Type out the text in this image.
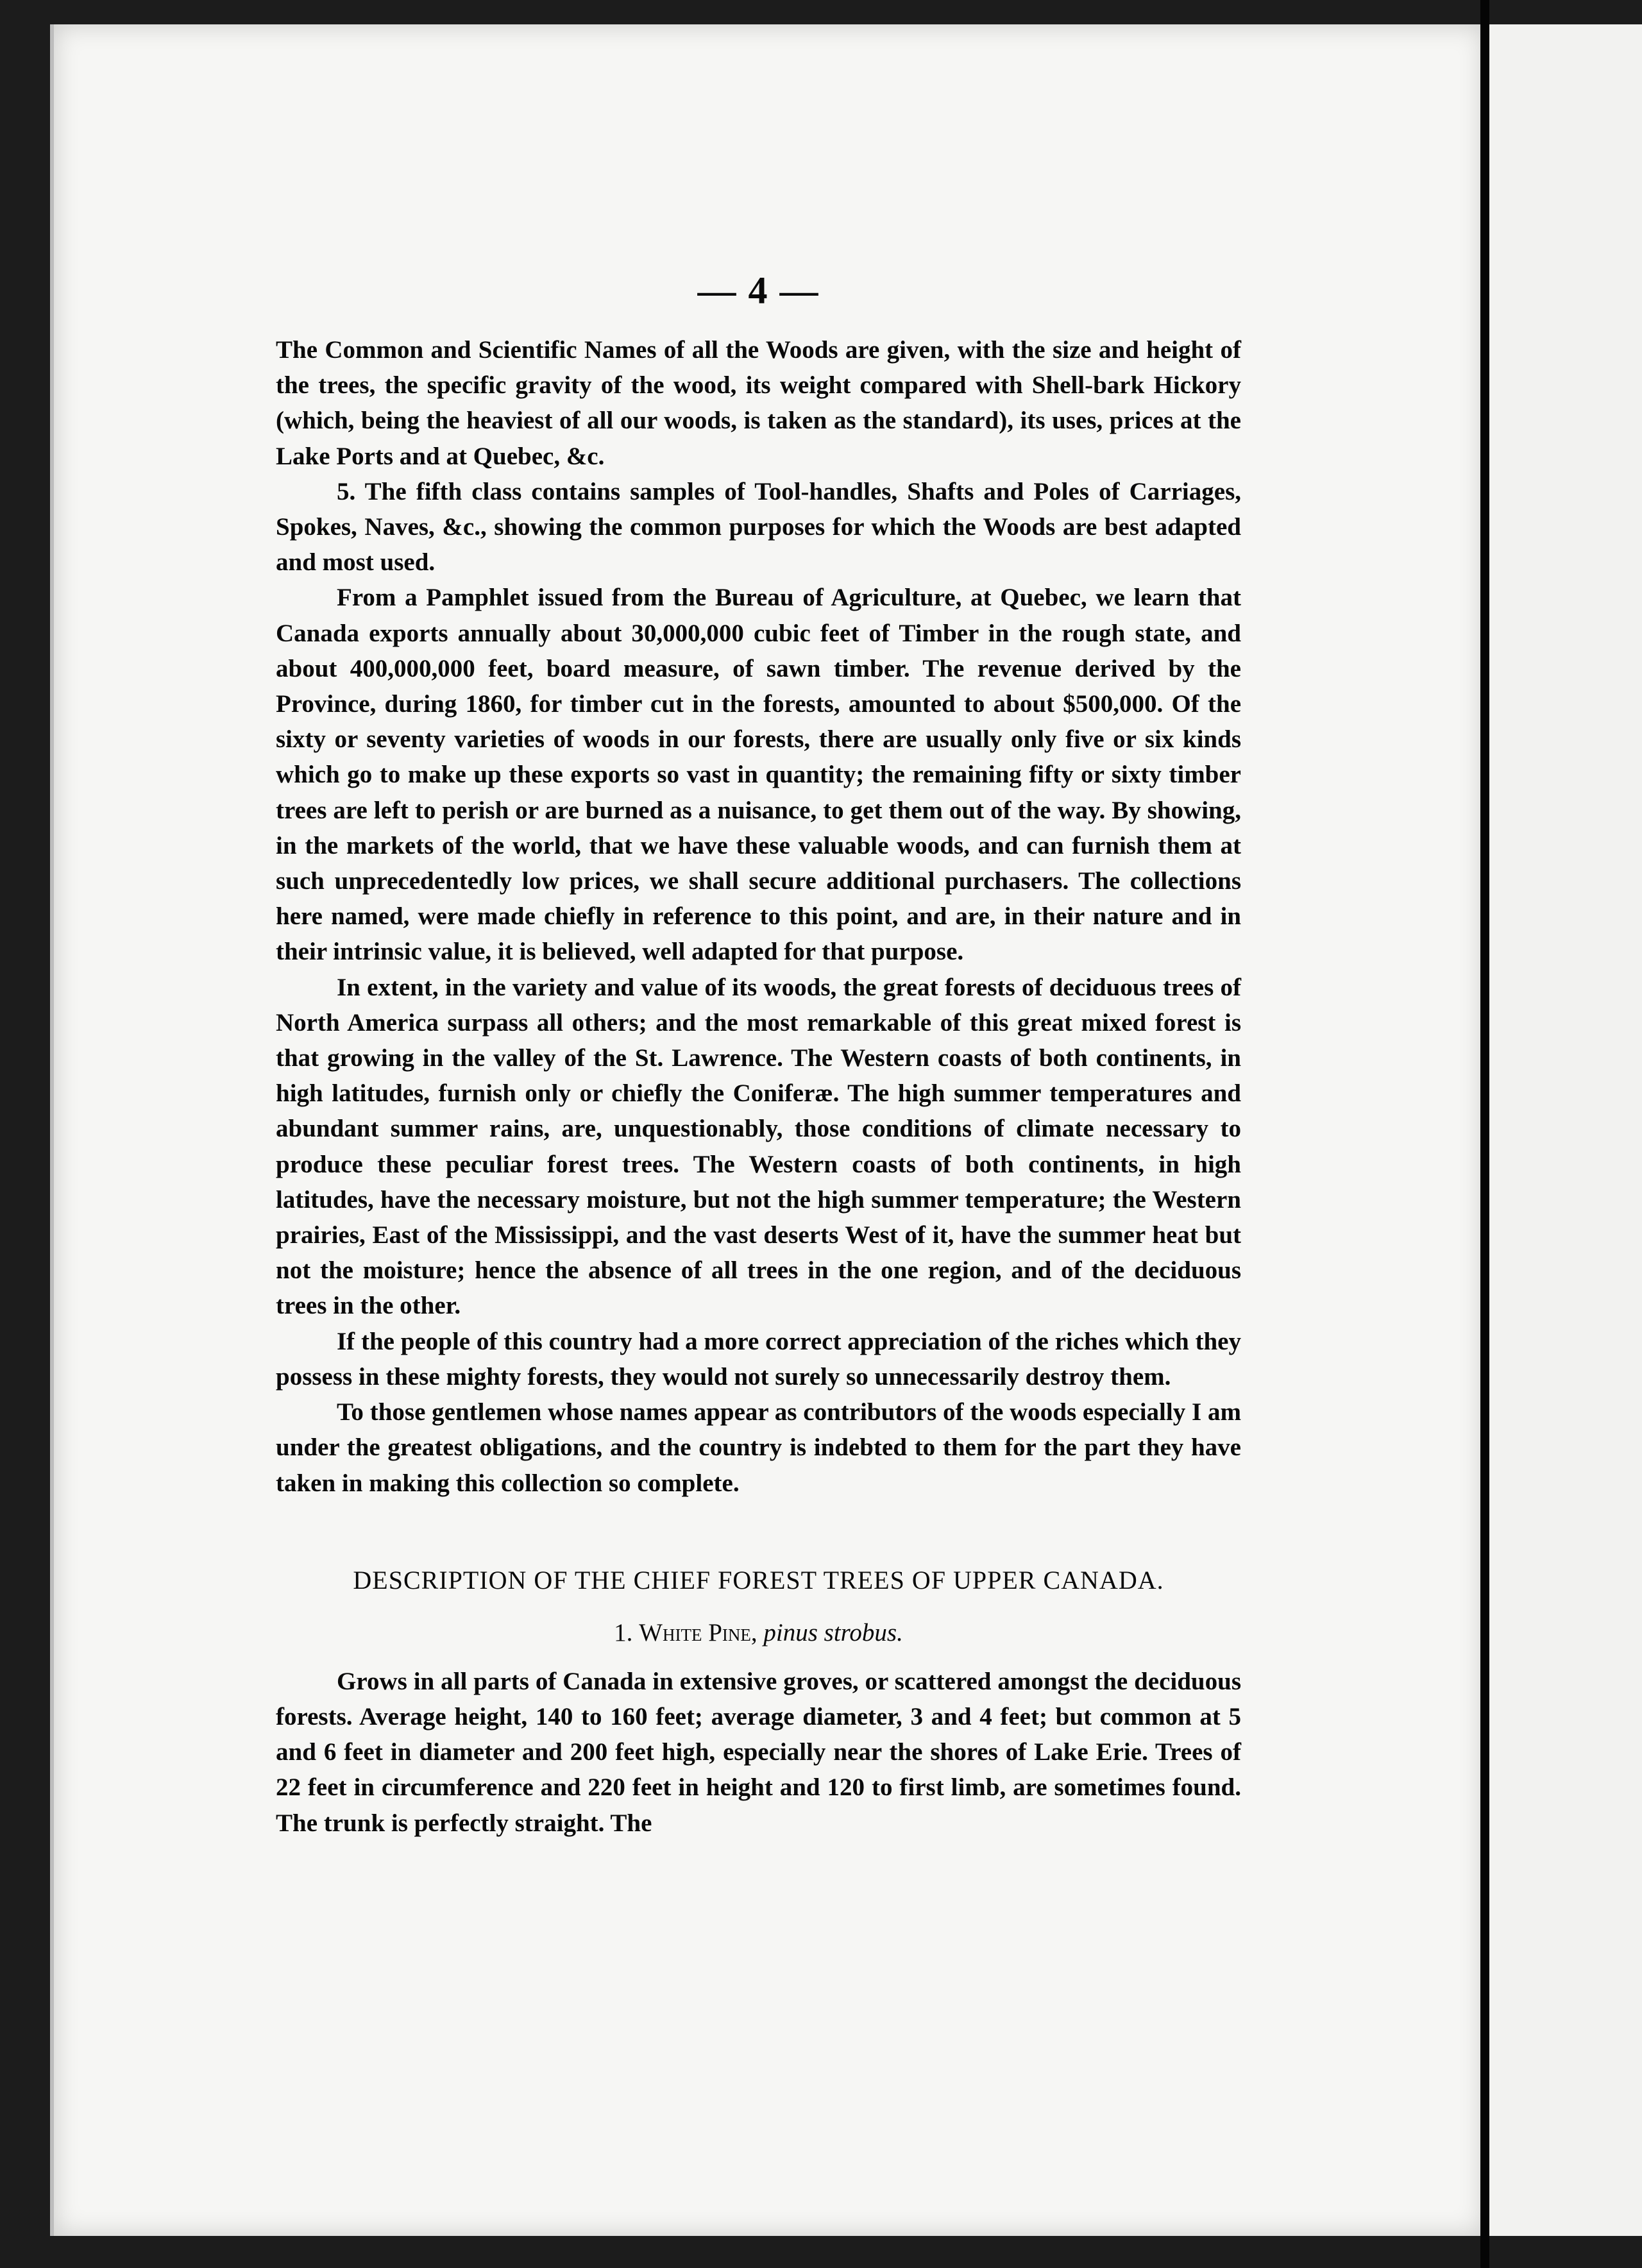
— 4 —

The Common and Scientific Names of all the Woods are given, with the size and height of the trees, the specific gravity of the wood, its weight compared with Shell-bark Hickory (which, being the heaviest of all our woods, is taken as the standard), its uses, prices at the Lake Ports and at Quebec, &c.

5. The fifth class contains samples of Tool-handles, Shafts and Poles of Carriages, Spokes, Naves, &c., showing the common purposes for which the Woods are best adapted and most used.

From a Pamphlet issued from the Bureau of Agriculture, at Quebec, we learn that Canada exports annually about 30,000,000 cubic feet of Timber in the rough state, and about 400,000,000 feet, board measure, of sawn timber. The revenue derived by the Province, during 1860, for timber cut in the forests, amounted to about $500,000. Of the sixty or seventy varieties of woods in our forests, there are usually only five or six kinds which go to make up these exports so vast in quantity; the remaining fifty or sixty timber trees are left to perish or are burned as a nuisance, to get them out of the way. By showing, in the markets of the world, that we have these valuable woods, and can furnish them at such unprecedentedly low prices, we shall secure additional purchasers. The collections here named, were made chiefly in reference to this point, and are, in their nature and in their intrinsic value, it is believed, well adapted for that purpose.

In extent, in the variety and value of its woods, the great forests of deciduous trees of North America surpass all others; and the most remarkable of this great mixed forest is that growing in the valley of the St. Lawrence. The Western coasts of both continents, in high latitudes, furnish only or chiefly the Coniferæ. The high summer temperatures and abundant summer rains, are, unquestionably, those conditions of climate necessary to produce these peculiar forest trees. The Western coasts of both continents, in high latitudes, have the necessary moisture, but not the high summer temperature; the Western prairies, East of the Mississippi, and the vast deserts West of it, have the summer heat but not the moisture; hence the absence of all trees in the one region, and of the deciduous trees in the other.

If the people of this country had a more correct appreciation of the riches which they possess in these mighty forests, they would not surely so unnecessarily destroy them.

To those gentlemen whose names appear as contributors of the woods especially I am under the greatest obligations, and the country is indebted to them for the part they have taken in making this collection so complete.

DESCRIPTION OF THE CHIEF FOREST TREES OF UPPER CANADA.
1. White Pine, pinus strobus.

Grows in all parts of Canada in extensive groves, or scattered amongst the deciduous forests. Average height, 140 to 160 feet; average diameter, 3 and 4 feet; but common at 5 and 6 feet in diameter and 200 feet high, especially near the shores of Lake Erie. Trees of 22 feet in circumference and 220 feet in height and 120 to first limb, are sometimes found. The trunk is perfectly straight. The
